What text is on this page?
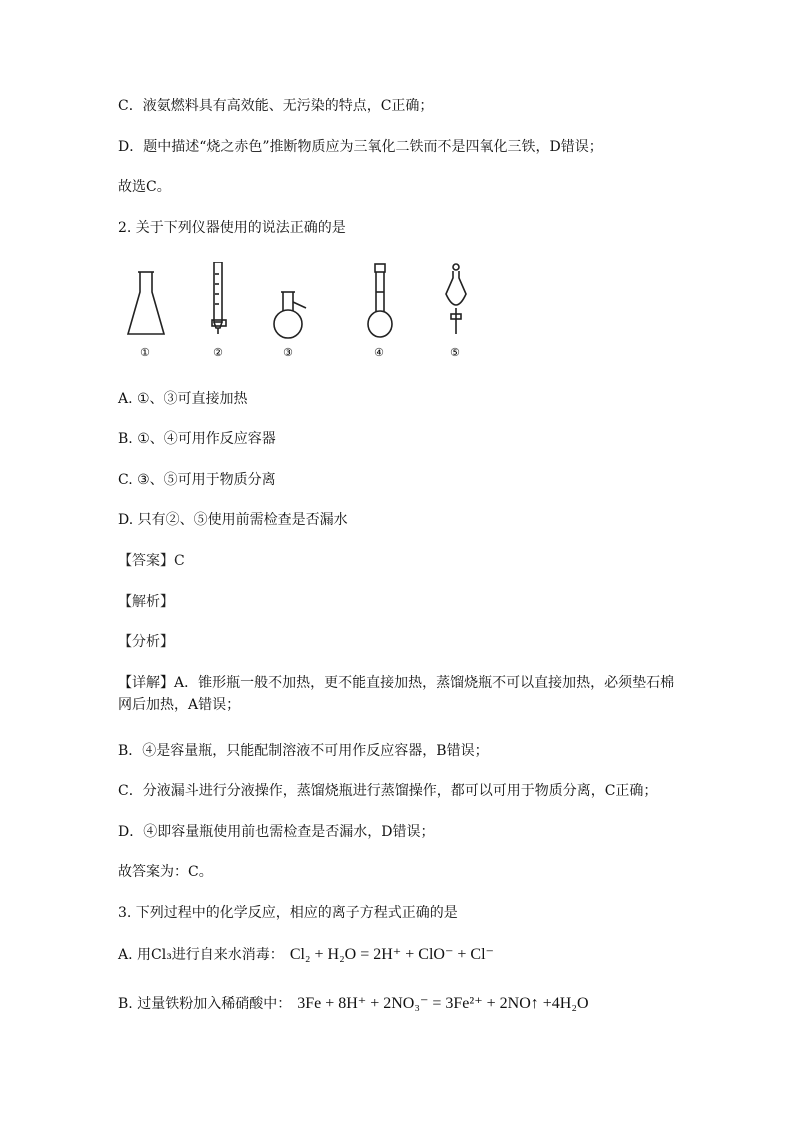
C．液氨燃料具有高效能、无污染的特点，C正确；
D．题中描述“烧之赤色”推断物质应为三氧化二铁而不是四氧化三铁，D错误；
故选C。
2. 关于下列仪器使用的说法正确的是
①	②	③	④	⑤
A. ①、③可直接加热
B. ①、④可用作反应容器
C. ③、⑤可用于物质分离
D. 只有②、⑤使用前需检查是否漏水
【答案】C
【解析】
【分析】
【详解】A．锥形瓶一般不加热，更不能直接加热，蒸馏烧瓶不可以直接加热，必须垫石棉网后加热，A错误；
B．④是容量瓶，只能配制溶液不可用作反应容器，B错误；
C．分液漏斗进行分液操作，蒸馏烧瓶进行蒸馏操作，都可以可用于物质分离，C正确；
D．④即容量瓶使用前也需检查是否漏水，D错误；
故答案为：C。
3. 下列过程中的化学反应，相应的离子方程式正确的是
A. 用Cl₃进行自来水消毒： Cl₂ + H₂O = 2H⁺ + ClO⁻ + Cl⁻
B. 过量铁粉加入稀硝酸中： 3Fe + 8H⁺ + 2NO₃⁻ = 3Fe²⁺ + 2NO↑ +4H₂O
